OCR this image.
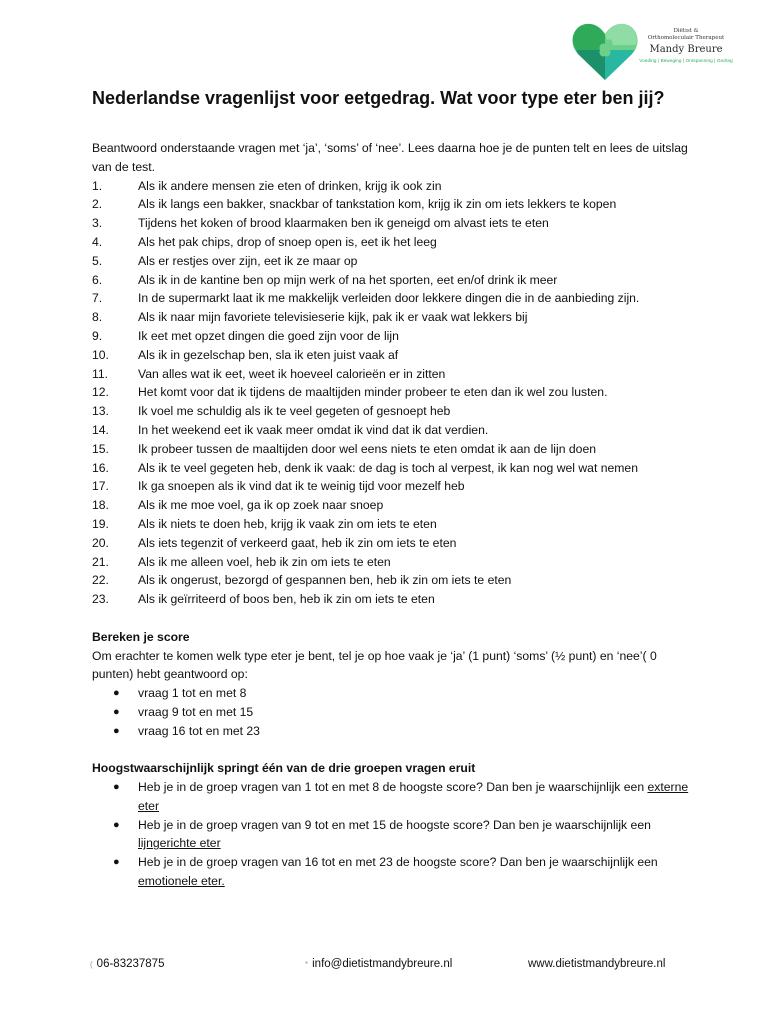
Diëtist &
Orthomoleculair Therapeut
Mandy Breure
Voeding | Beweging | Ontspanning | Gedrag
Nederlandse vragenlijst voor eetgedrag. Wat voor type eter ben jij?

Beantwoord onderstaande vragen met ‘ja’, ‘soms’ of ‘nee’. Lees daarna hoe je de punten telt en lees de uitslag van de test.

1.	Als ik andere mensen zie eten of drinken, krijg ik ook zin
2.	Als ik langs een bakker, snackbar of tankstation kom, krijg ik zin om iets lekkers te kopen
3.	Tijdens het koken of brood klaarmaken ben ik geneigd om alvast iets te eten
4.	Als het pak chips, drop of snoep open is, eet ik het leeg
5.	Als er restjes over zijn, eet ik ze maar op
6.	Als ik in de kantine ben op mijn werk of na het sporten, eet en/of drink ik meer
7.	In de supermarkt laat ik me makkelijk verleiden door lekkere dingen die in de aanbieding zijn.
8.	Als ik naar mijn favoriete televisieserie kijk, pak ik er vaak wat lekkers bij
9.	Ik eet met opzet dingen die goed zijn voor de lijn
10.	Als ik in gezelschap ben, sla ik eten juist vaak af
11.	Van alles wat ik eet, weet ik hoeveel calorieën er in zitten
12.	Het komt voor dat ik tijdens de maaltijden minder probeer te eten dan ik wel zou lusten.
13.	Ik voel me schuldig als ik te veel gegeten of gesnoept heb
14.	In het weekend eet ik vaak meer omdat ik vind dat ik dat verdien.
15.	Ik probeer tussen de maaltijden door wel eens niets te eten omdat ik aan de lijn doen
16.	Als ik te veel gegeten heb, denk ik vaak: de dag is toch al verpest, ik kan nog wel wat nemen
17.	Ik ga snoepen als ik vind dat ik te weinig tijd voor mezelf heb
18.	Als ik me moe voel, ga ik op zoek naar snoep
19.	Als ik niets te doen heb, krijg ik vaak zin om iets te eten
20.	Als iets tegenzit of verkeerd gaat, heb ik zin om iets te eten
21.	Als ik me alleen voel, heb ik zin om iets te eten
22.	Als ik ongerust, bezorgd of gespannen ben, heb ik zin om iets te eten
23.	Als ik geïrriteerd of boos ben, heb ik zin om iets te eten

Bereken je score

Om erachter te komen welk type eter je bent, tel je op hoe vaak je ‘ja’ (1 punt) ‘soms’ (½ punt) en ‘nee’( 0 punten) hebt geantwoord op:

●	vraag 1 tot en met 8
●	vraag 9 tot en met 15
●	vraag 16 tot en met 23

Hoogstwaarschijnlijk springt één van de drie groepen vragen eruit

●	Heb je in de groep vragen van 1 tot en met 8 de hoogste score? Dan ben je waarschijnlijk een externe eter
●	Heb je in de groep vragen van 9 tot en met 15 de hoogste score? Dan ben je waarschijnlijk een lijngerichte eter
●	Heb je in de groep vragen van 16 tot en met 23 de hoogste score? Dan ben je waarschijnlijk een emotionele eter.
( 06-83237875	* info@dietistmandybreure.nl	www.dietistmandybreure.nl
